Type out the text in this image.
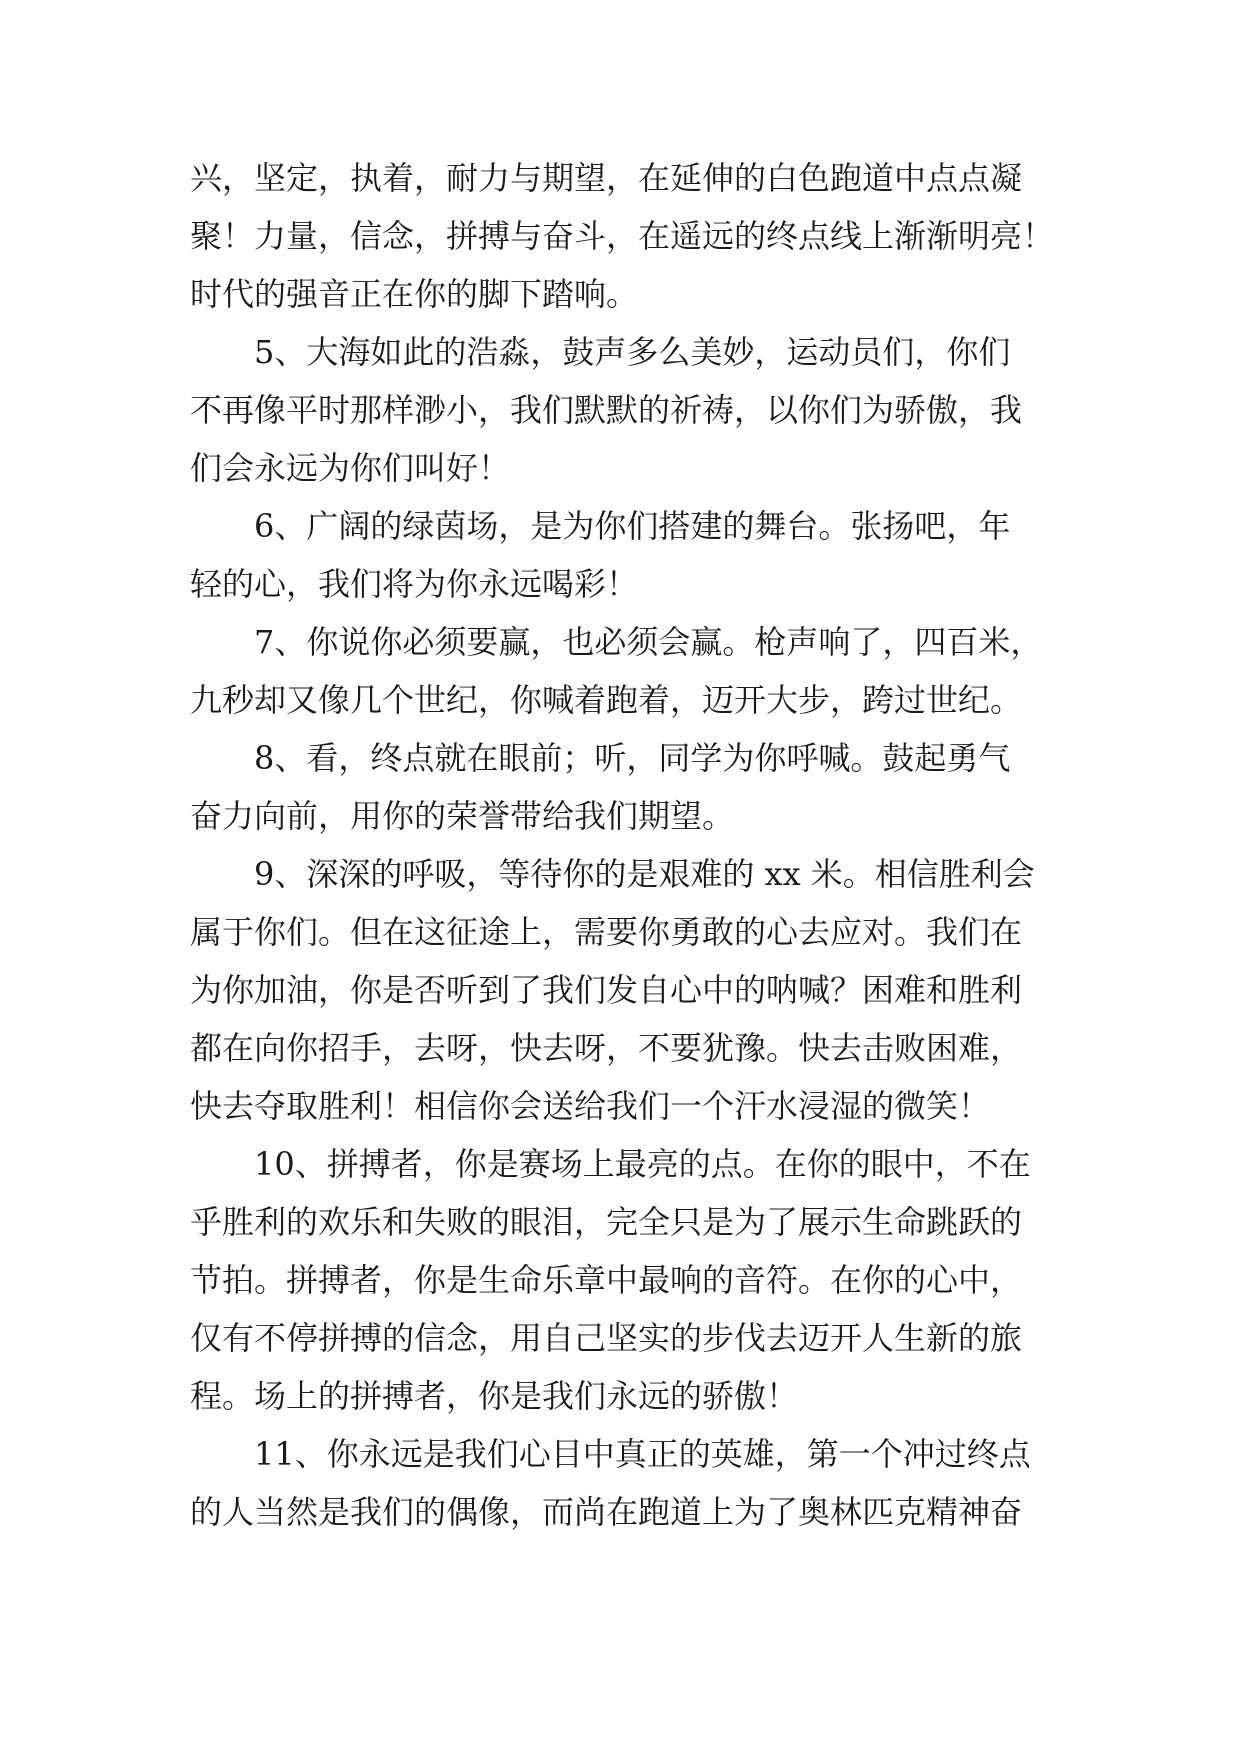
兴，坚定，执着，耐力与期望，在延伸的白色跑道中点点凝
聚！力量，信念，拼搏与奋斗，在遥远的终点线上渐渐明亮！
时代的强音正在你的脚下踏响。
5、大海如此的浩淼，鼓声多么美妙，运动员们，你们
不再像平时那样渺小，我们默默的祈祷，以你们为骄傲，我
们会永远为你们叫好！
6、广阔的绿茵场，是为你们搭建的舞台。张扬吧，年
轻的心，我们将为你永远喝彩！
7、你说你必须要赢，也必须会赢。枪声响了，四百米，
九秒却又像几个世纪，你喊着跑着，迈开大步，跨过世纪。
8、看，终点就在眼前；听，同学为你呼喊。鼓起勇气
奋力向前，用你的荣誉带给我们期望。
9、深深的呼吸，等待你的是艰难的 xx 米。相信胜利会
属于你们。但在这征途上，需要你勇敢的心去应对。我们在
为你加油，你是否听到了我们发自心中的呐喊？困难和胜利
都在向你招手，去呀，快去呀，不要犹豫。快去击败困难，
快去夺取胜利！相信你会送给我们一个汗水浸湿的微笑！
10、拼搏者，你是赛场上最亮的点。在你的眼中，不在
乎胜利的欢乐和失败的眼泪，完全只是为了展示生命跳跃的
节拍。拼搏者，你是生命乐章中最响的音符。在你的心中，
仅有不停拼搏的信念，用自己坚实的步伐去迈开人生新的旅
程。场上的拼搏者，你是我们永远的骄傲！
11、你永远是我们心目中真正的英雄，第一个冲过终点
的人当然是我们的偶像，而尚在跑道上为了奥林匹克精神奋
